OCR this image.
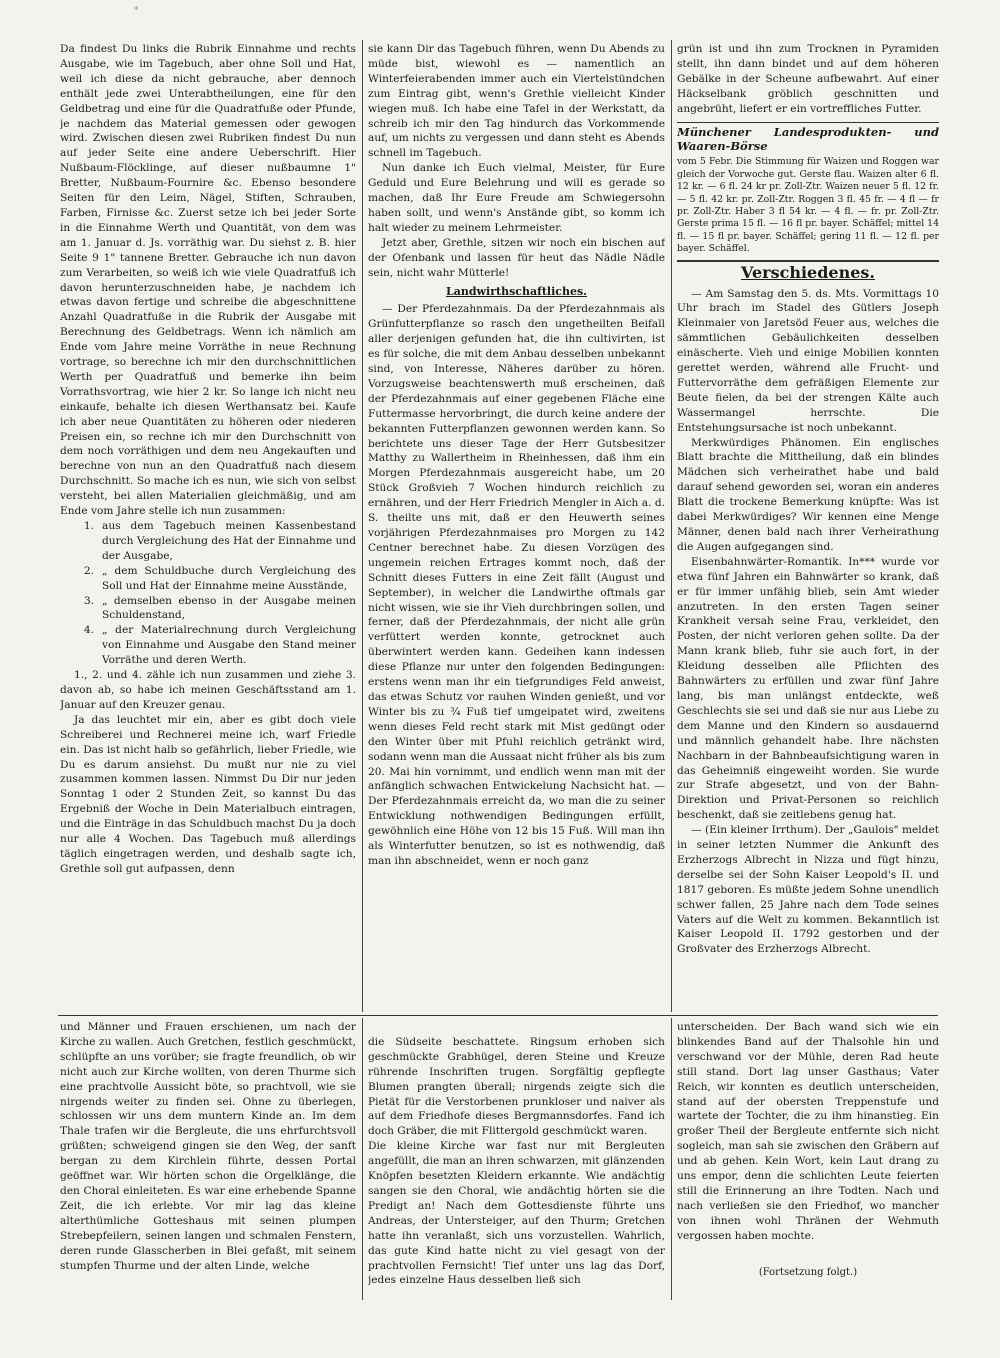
∗

Da findest Du links die Rubrik Einnahme und rechts Ausgabe, wie im Tagebuch, aber ohne Soll und Hat, weil ich diese da nicht gebrauche, aber dennoch enthält jede zwei Unterabtheilungen, eine für den Geldbetrag und eine für die Quadratfuße oder Pfunde, je nachdem das Material gemessen oder gewogen wird. Zwischen diesen zwei Rubriken findest Du nun auf jeder Seite eine andere Ueberschrift. Hier Nußbaum-Flöcklinge, auf dieser nußbaumne 1" Bretter, Nußbaum-Fournire &c. Ebenso besondere Seiten für den Leim, Nägel, Stiften, Schrauben, Farben, Firnisse &c. Zuerst setze ich bei jeder Sorte in die Einnahme Werth und Quantität, von dem was am 1. Januar d. Js. vorräthig war. Du siehst z. B. hier Seite 9 1" tannene Bretter. Gebrauche ich nun davon zum Verarbeiten, so weiß ich wie viele Quadratfuß ich davon herunterzuschneiden habe, je nachdem ich etwas davon fertige und schreibe die abgeschnittene Anzahl Quadratfuße in die Rubrik der Ausgabe mit Berechnung des Geldbetrags. Wenn ich nämlich am Ende vom Jahre meine Vorräthe in neue Rechnung vortrage, so berechne ich mir den durchschnittlichen Werth per Quadratfuß und bemerke ihn beim Vorrathsvortrag, wie hier 2 kr. So lange ich nicht neu einkaufe, behalte ich diesen Werthansatz bei. Kaufe ich aber neue Quantitäten zu höheren oder niederen Preisen ein, so rechne ich mir den Durchschnitt von dem noch vorräthigen und dem neu Angekauften und berechne von nun an den Quadratfuß nach diesem Durchschnitt. So mache ich es nun, wie sich von selbst versteht, bei allen Materialien gleichmäßig, und am Ende vom Jahre stelle ich nun zusammen:

1. aus dem Tagebuch meinen Kassenbestand durch Vergleichung des Hat der Einnahme und der Ausgabe,
2. „ dem Schuldbuche durch Vergleichung des Soll und Hat der Einnahme meine Ausstände,
3. „ demselben ebenso in der Ausgabe meinen Schuldenstand,
4. „ der Materialrechnung durch Vergleichung von Einnahme und Ausgabe den Stand meiner Vorräthe und deren Werth.

1., 2. und 4. zähle ich nun zusammen und ziehe 3. davon ab, so habe ich meinen Geschäftsstand am 1. Januar auf den Kreuzer genau.

Ja das leuchtet mir ein, aber es gibt doch viele Schreiberei und Rechnerei meine ich, warf Friedle ein. Das ist nicht halb so gefährlich, lieber Friedle, wie Du es darum ansiehst. Du mußt nur nie zu viel zusammen kommen lassen. Nimmst Du Dir nur jeden Sonntag 1 oder 2 Stunden Zeit, so kannst Du das Ergebniß der Woche in Dein Materialbuch eintragen, und die Einträge in das Schuldbuch machst Du ja doch nur alle 4 Wochen. Das Tagebuch muß allerdings täglich eingetragen werden, und deshalb sagte ich, Grethle soll gut aufpassen, denn

sie kann Dir das Tagebuch führen, wenn Du Abends zu müde bist, wiewohl es — namentlich an Winterfeierabenden immer auch ein Viertelstündchen zum Eintrag gibt, wenn's Grethle vielleicht Kinder wiegen muß. Ich habe eine Tafel in der Werkstatt, da schreib ich mir den Tag hindurch das Vorkommende auf, um nichts zu vergessen und dann steht es Abends schnell im Tagebuch.

Nun danke ich Euch vielmal, Meister, für Eure Geduld und Eure Belehrung und will es gerade so machen, daß Ihr Eure Freude am Schwiegersohn haben sollt, und wenn's Anstände gibt, so komm ich halt wieder zu meinem Lehrmeister.

Jetzt aber, Grethle, sitzen wir noch ein bischen auf der Ofenbank und lassen für heut das Nädle Nädle sein, nicht wahr Mütterle!

Landwirthschaftliches.

— Der Pferdezahnmais. Da der Pferdezahnmais als Grünfutterpflanze so rasch den ungetheilten Beifall aller derjenigen gefunden hat, die ihn cultivirten, ist es für solche, die mit dem Anbau desselben unbekannt sind, von Interesse, Näheres darüber zu hören. Vorzugsweise beachtenswerth muß erscheinen, daß der Pferdezahnmais auf einer gegebenen Fläche eine Futtermasse hervorbringt, die durch keine andere der bekannten Futterpflanzen gewonnen werden kann. So berichtete uns dieser Tage der Herr Gutsbesitzer Matthy zu Wallertheim in Rheinhessen, daß ihm ein Morgen Pferdezahnmais ausgereicht habe, um 20 Stück Großvieh 7 Wochen hindurch reichlich zu ernähren, und der Herr Friedrich Mengler in Aich a. d. S. theilte uns mit, daß er den Heuwerth seines vorjährigen Pferdezahnmaises pro Morgen zu 142 Centner berechnet habe. Zu diesen Vorzügen des ungemein reichen Ertrages kommt noch, daß der Schnitt dieses Futters in eine Zeit fällt (August und September), in welcher die Landwirthe oftmals gar nicht wissen, wie sie ihr Vieh durchbringen sollen, und ferner, daß der Pferdezahnmais, der nicht alle grün verfüttert werden konnte, getrocknet auch überwintert werden kann. Gedeihen kann indessen diese Pflanze nur unter den folgenden Bedingungen: erstens wenn man ihr ein tiefgrundiges Feld anweist, das etwas Schutz vor rauhen Winden genießt, und vor Winter bis zu ¾ Fuß tief umgeipatet wird, zweitens wenn dieses Feld recht stark mit Mist gedüngt oder den Winter über mit Pfuhl reichlich getränkt wird, sodann wenn man die Aussaat nicht früher als bis zum 20. Mai hin vornimmt, und endlich wenn man mit der anfänglich schwachen Entwickelung Nachsicht hat. — Der Pferdezahnmais erreicht da, wo man die zu seiner Entwicklung nothwendigen Bedingungen erfüllt, gewöhnlich eine Höhe von 12 bis 15 Fuß. Will man ihn als Winterfutter benutzen, so ist es nothwendig, daß man ihn abschneidet, wenn er noch ganz

grün ist und ihn zum Trocknen in Pyramiden stellt, ihn dann bindet und auf dem höheren Gebälke in der Scheune aufbewahrt. Auf einer Häckselbank gröblich geschnitten und angebrüht, liefert er ein vortreffliches Futter.

Münchener Landesprodukten- und Waaren-Börse
vom 5 Febr. Die Stimmung für Waizen und Roggen war gleich der Vorwoche gut. Gerste flau. Waizen alter 6 fl. 12 kr. — 6 fl. 24 kr pr. Zoll-Ztr. Waizen neuer 5 fl. 12 fr. — 5 fl. 42 kr. pr. Zoll-Ztr. Roggen 3 fl. 45 fr. — 4 fl — fr pr. Zoll-Ztr. Haber 3 fl 54 kr. — 4 fl. — fr. pr. Zoll-Ztr. Gerste prima 15 fl. — 16 fl pr. bayer. Schäffel; mittel 14 fl. — 15 fl pr. bayer. Schäffel; gering 11 fl. — 12 fl. per bayer. Schäffel.
Verschiedenes.

— Am Samstag den 5. ds. Mts. Vormittags 10 Uhr brach im Stadel des Gütlers Joseph Kleinmaier von Jaretsöd Feuer aus, welches die sämmtlichen Gebäulichkeiten desselben einäscherte. Vieh und einige Mobilien konnten gerettet werden, während alle Frucht- und Futtervorräthe dem gefräßigen Elemente zur Beute fielen, da bei der strengen Kälte auch Wassermangel herrschte. Die Entstehungsursache ist noch unbekannt.

Merkwürdiges Phänomen. Ein englisches Blatt brachte die Mittheilung, daß ein blindes Mädchen sich verheirathet habe und bald darauf sehend geworden sei, woran ein anderes Blatt die trockene Bemerkung knüpfte: Was ist dabei Merkwürdiges? Wir kennen eine Menge Männer, denen bald nach ihrer Verheirathung die Augen aufgegangen sind.

Eisenbahnwärter-Romantik. In*** wurde vor etwa fünf Jahren ein Bahnwärter so krank, daß er für immer unfähig blieb, sein Amt wieder anzutreten. In den ersten Tagen seiner Krankheit versah seine Frau, verkleidet, den Posten, der nicht verloren gehen sollte. Da der Mann krank blieb, fuhr sie auch fort, in der Kleidung desselben alle Pflichten des Bahnwärters zu erfüllen und zwar fünf Jahre lang, bis man unlängst entdeckte, weß Geschlechts sie sei und daß sie nur aus Liebe zu dem Manne und den Kindern so ausdauernd und männlich gehandelt habe. Ihre nächsten Nachbarn in der Bahnbeaufsichtigung waren in das Geheimniß eingeweiht worden. Sie wurde zur Strafe abgesetzt, und von der Bahn-Direktion und Privat-Personen so reichlich beschenkt, daß sie zeitlebens genug hat.

— (Ein kleiner Irrthum). Der „Gaulois" meldet in seiner letzten Nummer die Ankunft des Erzherzogs Albrecht in Nizza und fügt hinzu, derselbe sei der Sohn Kaiser Leopold's II. und 1817 geboren. Es müßte jedem Sohne unendlich schwer fallen, 25 Jahre nach dem Tode seines Vaters auf die Welt zu kommen. Bekanntlich ist Kaiser Leopold II. 1792 gestorben und der Großvater des Erzherzogs Albrecht.

und Männer und Frauen erschienen, um nach der Kirche zu wallen. Auch Gretchen, festlich geschmückt, schlüpfte an uns vorüber; sie fragte freundlich, ob wir nicht auch zur Kirche wollten, von deren Thurme sich eine prachtvolle Aussicht böte, so prachtvoll, wie sie nirgends weiter zu finden sei. Ohne zu überlegen, schlossen wir uns dem muntern Kinde an. Im dem Thale trafen wir die Bergleute, die uns ehrfurchtsvoll grüßten; schweigend gingen sie den Weg, der sanft bergan zu dem Kirchlein führte, dessen Portal geöffnet war. Wir hörten schon die Orgelklänge, die den Choral einleiteten. Es war eine erhebende Spanne Zeit, die ich erlebte. Vor mir lag das kleine alterthümliche Gotteshaus mit seinen plumpen Strebepfeilern, seinen langen und schmalen Fenstern, deren runde Glasscherben in Blei gefaßt, mit seinem stumpfen Thurme und der alten Linde, welche

die Südseite beschattete. Ringsum erhoben sich geschmückte Grabhügel, deren Steine und Kreuze rührende Inschriften trugen. Sorgfältig gepflegte Blumen prangten überall; nirgends zeigte sich die Pietät für die Verstorbenen prunkloser und naiver als auf dem Friedhofe dieses Bergmannsdorfes. Fand ich doch Gräber, die mit Flittergold geschmückt waren.
Die kleine Kirche war fast nur mit Bergleuten angefüllt, die man an ihren schwarzen, mit glänzenden Knöpfen besetzten Kleidern erkannte. Wie andächtig sangen sie den Choral, wie andächtig hörten sie die Predigt an! Nach dem Gottesdienste führte uns Andreas, der Untersteiger, auf den Thurm; Gretchen hatte ihn veranlaßt, sich uns vorzustellen. Wahrlich, das gute Kind hatte nicht zu viel gesagt von der prachtvollen Fernsicht! Tief unter uns lag das Dorf, jedes einzelne Haus desselben ließ sich

unterscheiden. Der Bach wand sich wie ein blinkendes Band auf der Thalsohle hin und verschwand vor der Mühle, deren Rad heute still stand. Dort lag unser Gasthaus; Vater Reich, wir konnten es deutlich unterscheiden, stand auf der obersten Treppenstufe und wartete der Tochter, die zu ihm hinanstieg. Ein großer Theil der Bergleute entfernte sich nicht sogleich, man sah sie zwischen den Gräbern auf und ab gehen. Kein Wort, kein Laut drang zu uns empor, denn die schlichten Leute feierten still die Erinnerung an ihre Todten. Nach und nach verließen sie den Friedhof, wo mancher von ihnen wohl Thränen der Wehmuth vergossen haben mochte.

(Fortsetzung folgt.)
